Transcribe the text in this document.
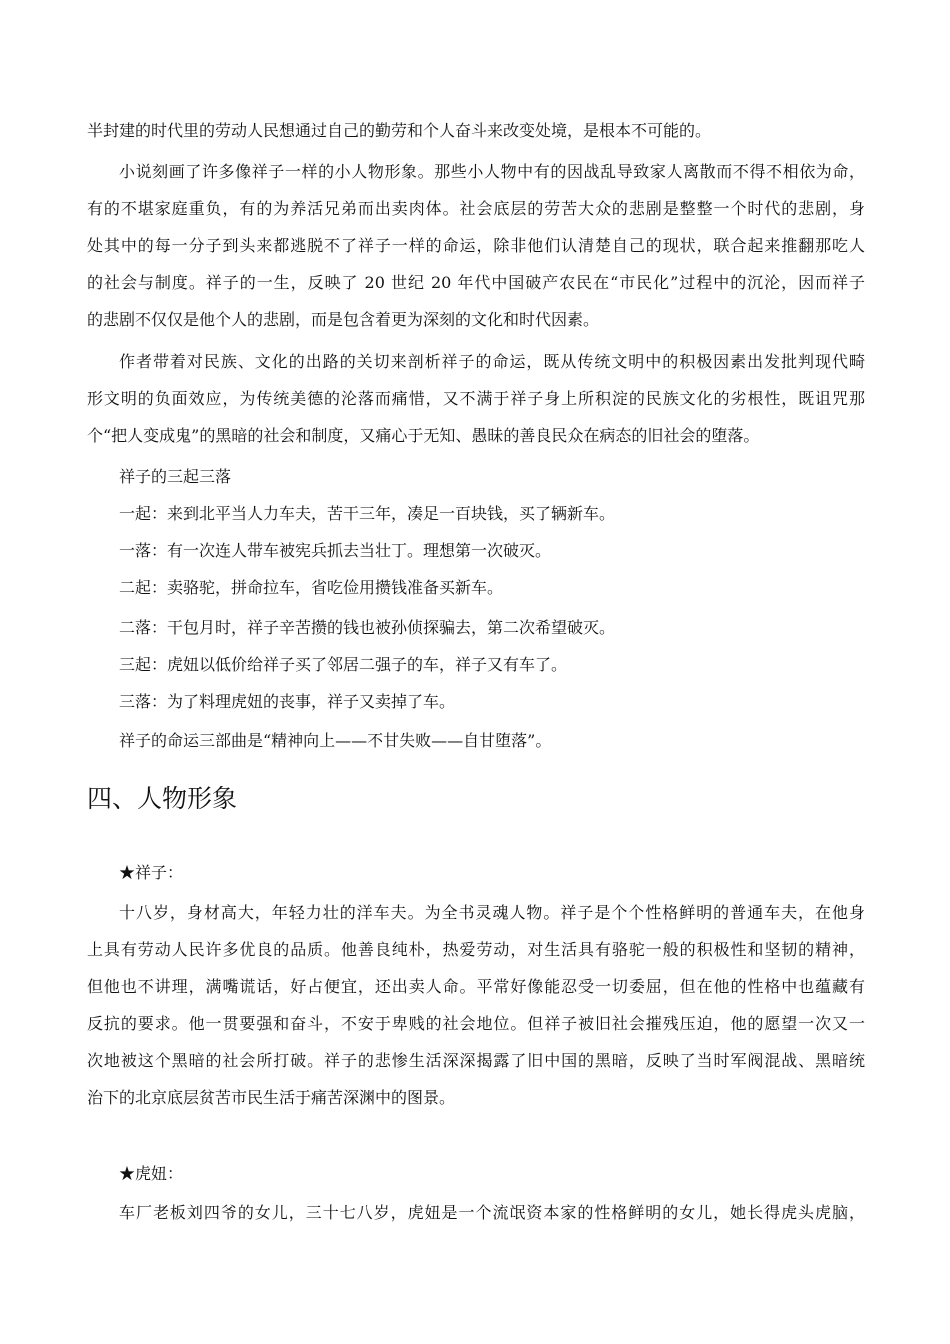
半封建的时代里的劳动人民想通过自己的勤劳和个人奋斗来改变处境，是根本不可能的。
小说刻画了许多像祥子一样的小人物形象。那些小人物中有的因战乱导致家人离散而不得不相依为命，
有的不堪家庭重负，有的为养活兄弟而出卖肉体。社会底层的劳苦大众的悲剧是整整一个时代的悲剧，身
处其中的每一分子到头来都逃脱不了祥子一样的命运，除非他们认清楚自己的现状，联合起来推翻那吃人
的社会与制度。祥子的一生，反映了 20 世纪 20 年代中国破产农民在“市民化”过程中的沉沦，因而祥子
的悲剧不仅仅是他个人的悲剧，而是包含着更为深刻的文化和时代因素。
作者带着对民族、文化的出路的关切来剖析祥子的命运，既从传统文明中的积极因素出发批判现代畸
形文明的负面效应，为传统美德的沦落而痛惜，又不满于祥子身上所积淀的民族文化的劣根性，既诅咒那
个“把人变成鬼”的黑暗的社会和制度，又痛心于无知、愚昧的善良民众在病态的旧社会的堕落。
祥子的三起三落
一起：来到北平当人力车夫，苦干三年，凑足一百块钱，买了辆新车。
一落：有一次连人带车被宪兵抓去当壮丁。理想第一次破灭。
二起：卖骆驼，拼命拉车，省吃俭用攒钱准备买新车。
二落：干包月时，祥子辛苦攒的钱也被孙侦探骗去，第二次希望破灭。
三起：虎妞以低价给祥子买了邻居二强子的车，祥子又有车了。
三落：为了料理虎妞的丧事，祥子又卖掉了车。
祥子的命运三部曲是“精神向上——不甘失败——自甘堕落”。
四、人物形象
★祥子：
十八岁，身材高大，年轻力壮的洋车夫。为全书灵魂人物。祥子是个个性格鲜明的普通车夫，在他身
上具有劳动人民许多优良的品质。他善良纯朴，热爱劳动，对生活具有骆驼一般的积极性和坚韧的精神，
但他也不讲理，满嘴谎话，好占便宜，还出卖人命。平常好像能忍受一切委屈，但在他的性格中也蕴藏有
反抗的要求。他一贯要强和奋斗，不安于卑贱的社会地位。但祥子被旧社会摧残压迫，他的愿望一次又一
次地被这个黑暗的社会所打破。祥子的悲惨生活深深揭露了旧中国的黑暗，反映了当时军阀混战、黑暗统
治下的北京底层贫苦市民生活于痛苦深渊中的图景。
★虎妞：
车厂老板刘四爷的女儿，三十七八岁，虎妞是一个流氓资本家的性格鲜明的女儿，她长得虎头虎脑，
